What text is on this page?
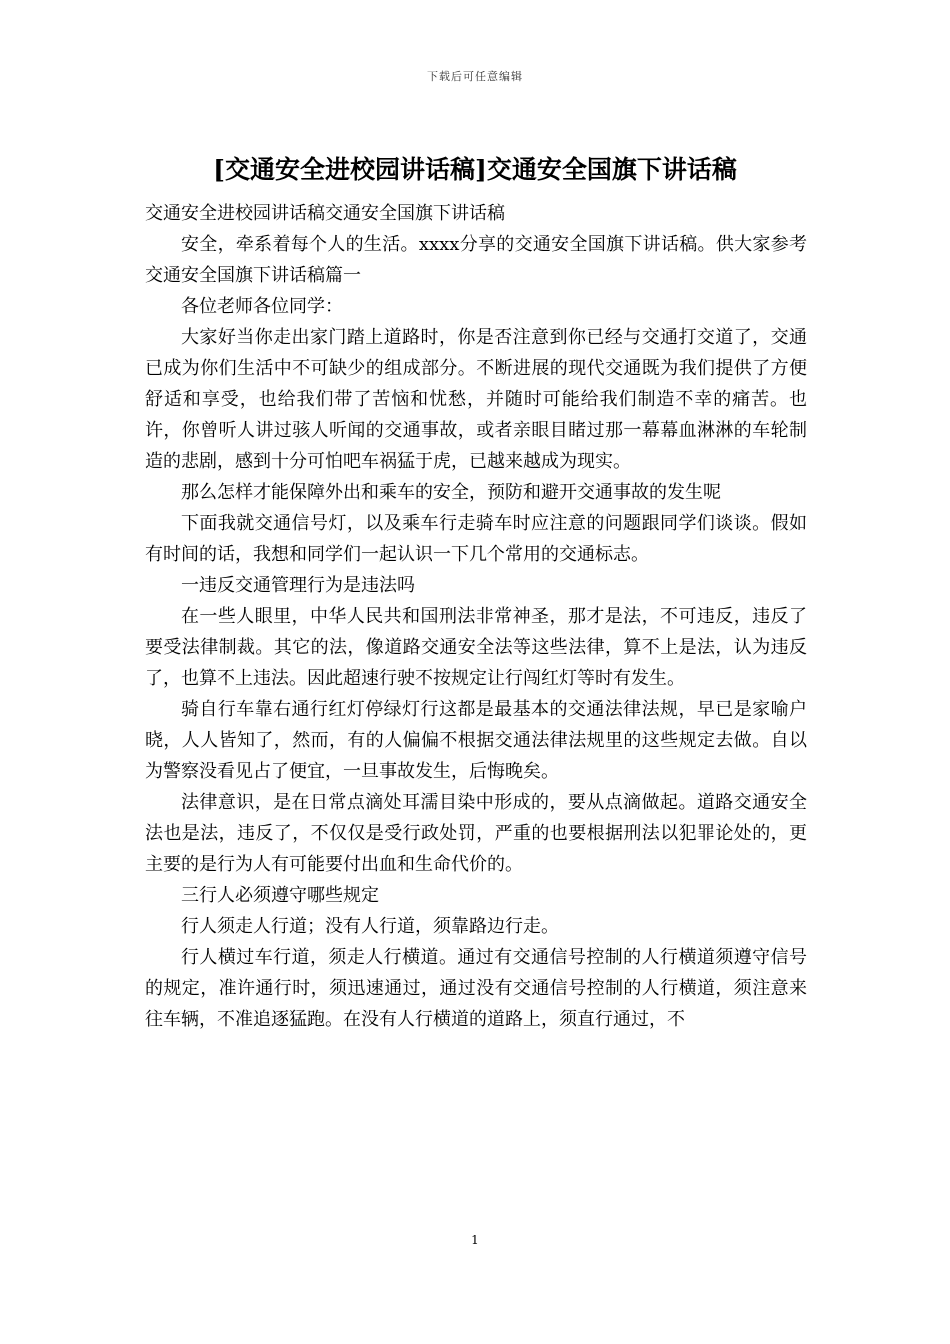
下载后可任意编辑
[交通安全进校园讲话稿]交通安全国旗下讲话稿

交通安全进校园讲话稿交通安全国旗下讲话稿

安全，牵系着每个人的生活。xxxx分享的交通安全国旗下讲话稿。供大家参考交通安全国旗下讲话稿篇一

各位老师各位同学：

大家好当你走出家门踏上道路时，你是否注意到你已经与交通打交道了，交通已成为你们生活中不可缺少的组成部分。不断进展的现代交通既为我们提供了方便舒适和享受，也给我们带了苦恼和忧愁，并随时可能给我们制造不幸的痛苦。也许，你曾听人讲过骇人听闻的交通事故，或者亲眼目睹过那一幕幕血淋淋的车轮制造的悲剧，感到十分可怕吧车祸猛于虎，已越来越成为现实。

那么怎样才能保障外出和乘车的安全，预防和避开交通事故的发生呢

下面我就交通信号灯，以及乘车行走骑车时应注意的问题跟同学们谈谈。假如有时间的话，我想和同学们一起认识一下几个常用的交通标志。

一违反交通管理行为是违法吗

在一些人眼里，中华人民共和国刑法非常神圣，那才是法，不可违反，违反了要受法律制裁。其它的法，像道路交通安全法等这些法律，算不上是法，认为违反了，也算不上违法。因此超速行驶不按规定让行闯红灯等时有发生。

骑自行车靠右通行红灯停绿灯行这都是最基本的交通法律法规，早已是家喻户晓，人人皆知了，然而，有的人偏偏不根据交通法律法规里的这些规定去做。自以为警察没看见占了便宜，一旦事故发生，后悔晚矣。

法律意识，是在日常点滴处耳濡目染中形成的，要从点滴做起。道路交通安全法也是法，违反了，不仅仅是受行政处罚，严重的也要根据刑法以犯罪论处的，更主要的是行为人有可能要付出血和生命代价的。

三行人必须遵守哪些规定

行人须走人行道；没有人行道，须靠路边行走。

行人横过车行道，须走人行横道。通过有交通信号控制的人行横道须遵守信号的规定，准许通行时，须迅速通过，通过没有交通信号控制的人行横道，须注意来往车辆，不准追逐猛跑。在没有人行横道的道路上，须直行通过，不

1
